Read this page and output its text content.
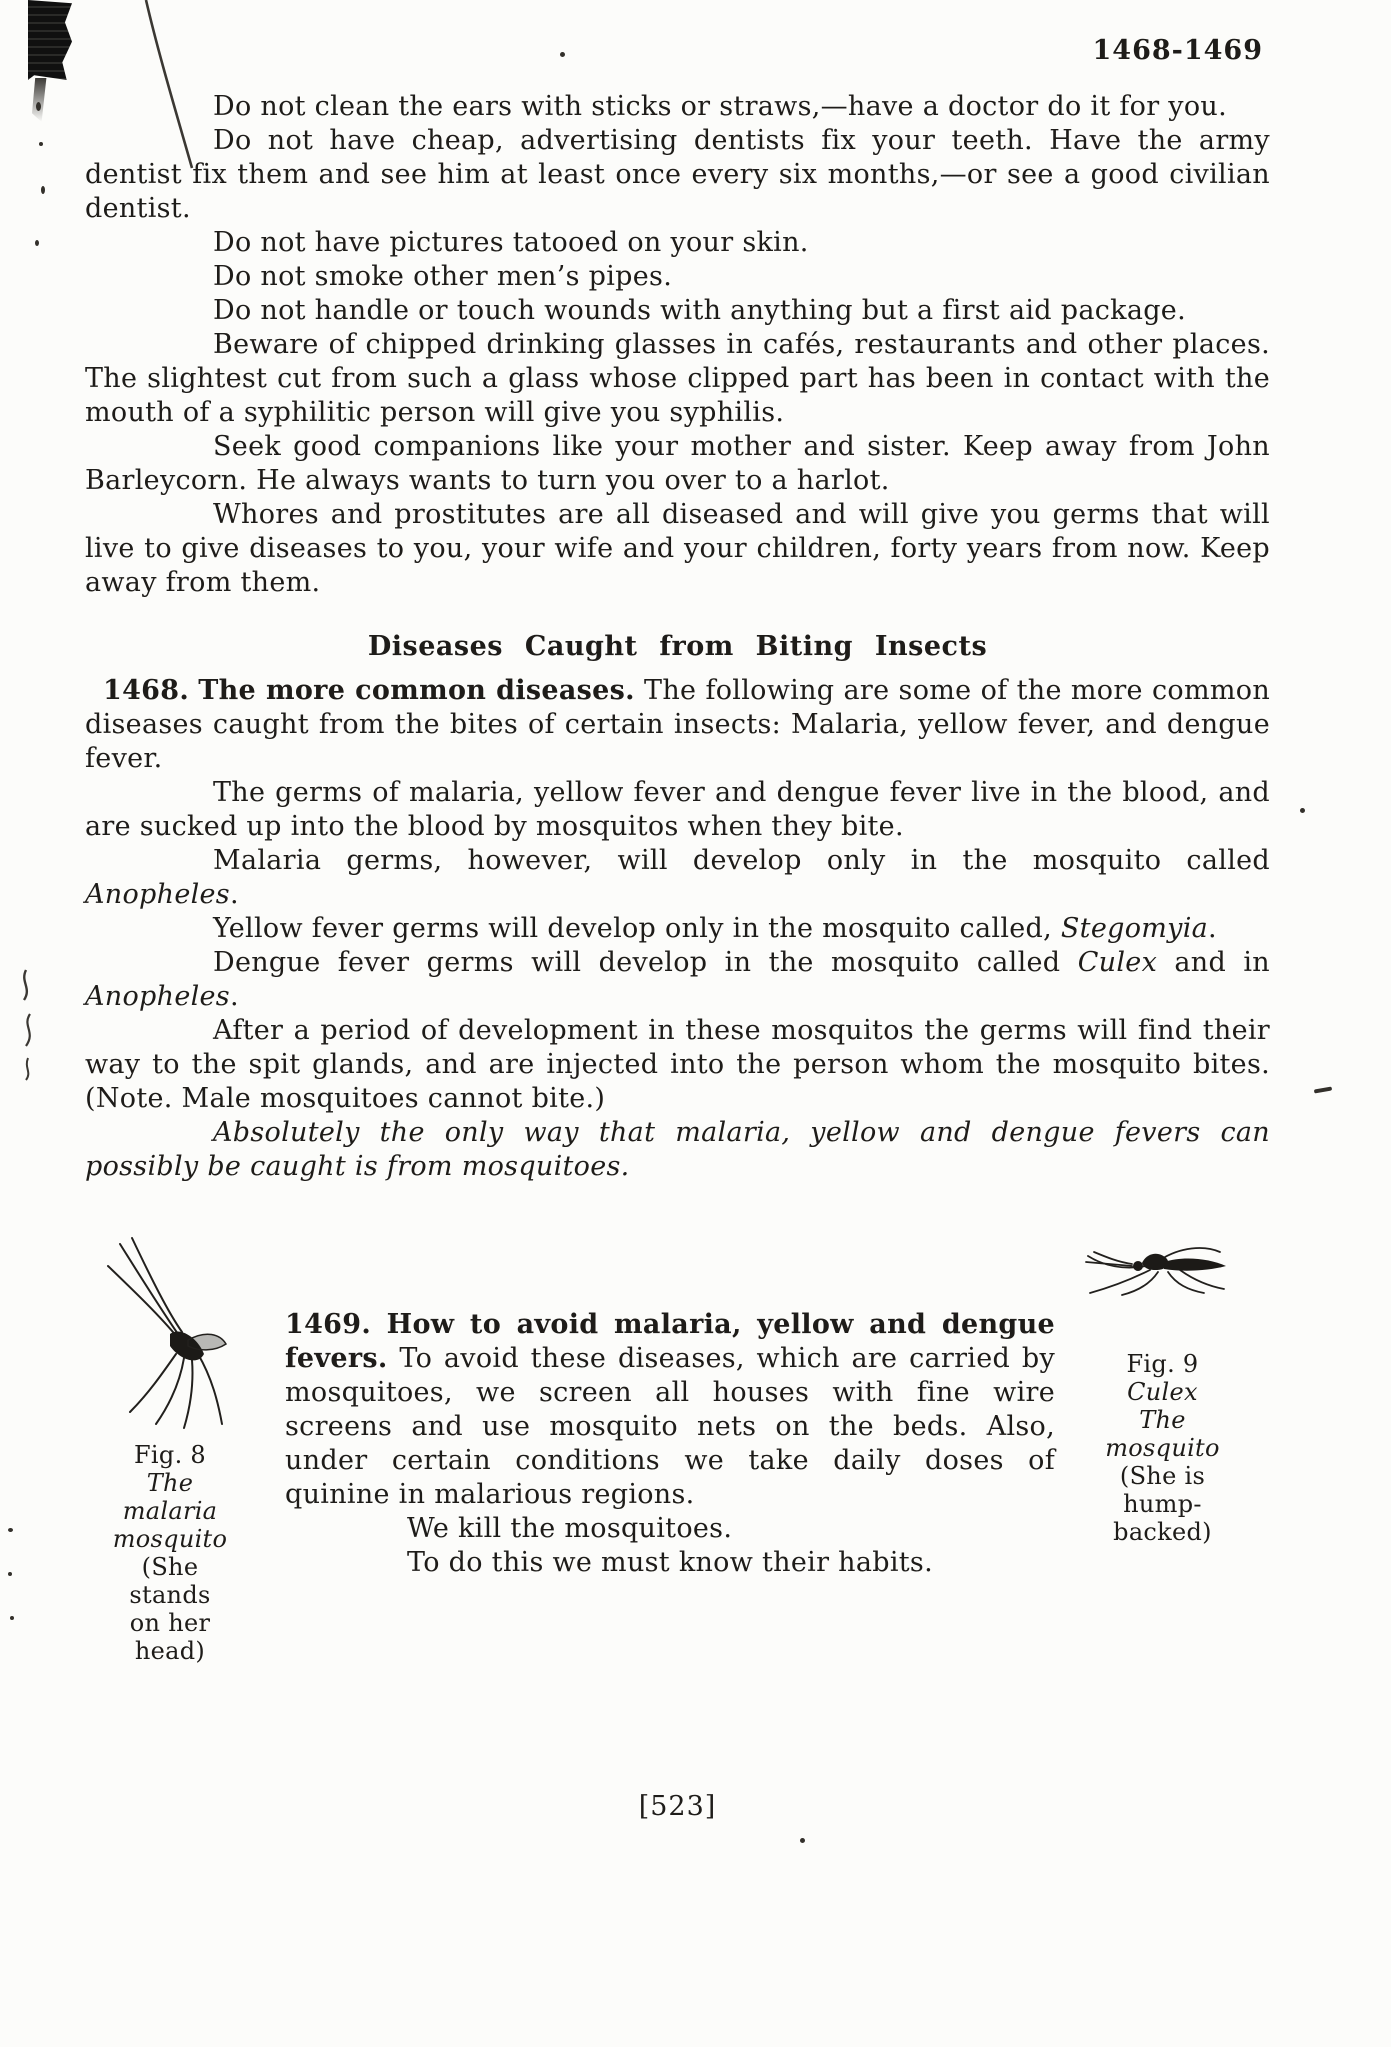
1468-1469

Do not clean the ears with sticks or straws,—have a doctor do it for you.

Do not have cheap, advertising dentists fix your teeth. Have the army dentist fix them and see him at least once every six months,—or see a good civilian dentist.

Do not have pictures tatooed on your skin.

Do not smoke other men’s pipes.

Do not handle or touch wounds with anything but a first aid package.

Beware of chipped drinking glasses in cafés, restaurants and other places. The slightest cut from such a glass whose clipped part has been in contact with the mouth of a syphilitic person will give you syphilis.

Seek good companions like your mother and sister. Keep away from John Barleycorn. He always wants to turn you over to a harlot.

Whores and prostitutes are all diseased and will give you germs that will live to give diseases to you, your wife and your children, forty years from now. Keep away from them.

Diseases Caught from Biting Insects

1468. The more common diseases. The following are some of the more common diseases caught from the bites of certain insects: Malaria, yellow fever, and dengue fever.

The germs of malaria, yellow fever and dengue fever live in the blood, and are sucked up into the blood by mosquitos when they bite.

Malaria germs, however, will develop only in the mosquito called Anopheles.

Yellow fever germs will develop only in the mosquito called, Stegomyia.

Dengue fever germs will develop in the mosquito called Culex and in Anopheles.

After a period of development in these mosquitos the germs will find their way to the spit glands, and are injected into the person whom the mosquito bites. (Note. Male mosquitoes cannot bite.)

Absolutely the only way that malaria, yellow and dengue fevers can possibly be caught is from mosquitoes.

Fig. 8
The
malaria
mosquito
(She
stands
on her
head)

1469. How to avoid malaria, yellow and dengue fevers. To avoid these diseases, which are carried by mosquitoes, we screen all houses with fine wire screens and use mosquito nets on the beds. Also, under certain conditions we take daily doses of quinine in malarious regions.

We kill the mosquitoes.

To do this we must know their habits.

Fig. 9
Culex
The
mosquito
(She is
hump-
backed)
[523]
